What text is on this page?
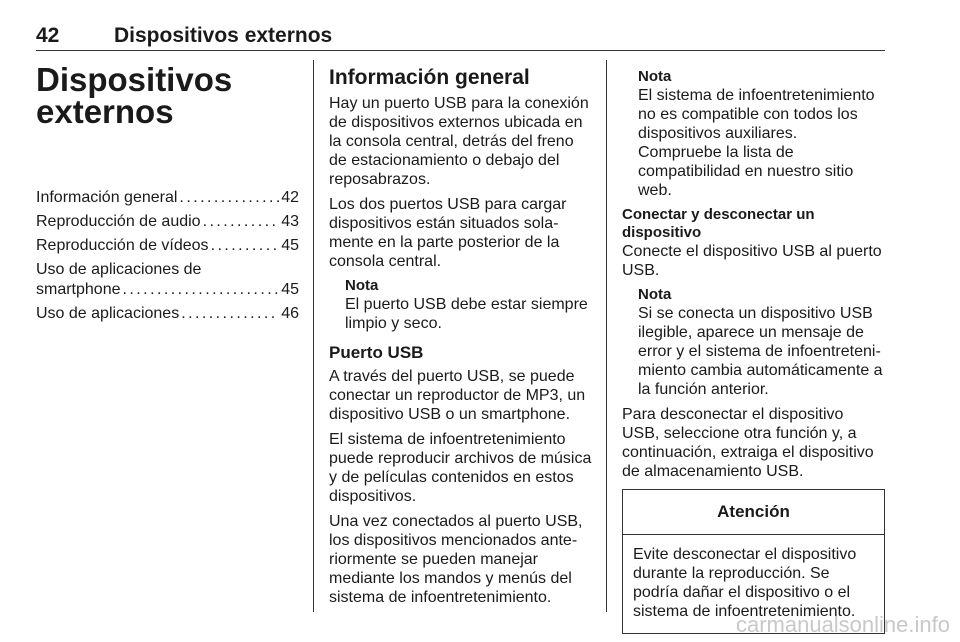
42	Dispositivos externos
Dispositivos externos
Información general . . .	42
Reproducción de audio . . .	43
Reproducción de vídeos . . .	45
Uso de aplicaciones de
smartphone . . .	45
Uso de aplicaciones . . .	46
Información general

Hay un puerto USB para la conexión de dispositivos externos ubicada en la consola central, detrás del freno de estacionamiento o debajo del reposabrazos.

Los dos puertos USB para cargar dispositivos están situados solamente en la parte posterior de la consola central.

Nota

El puerto USB debe estar siempre limpio y seco.

Puerto USB

A través del puerto USB, se puede conectar un reproductor de MP3, un dispositivo USB o un smartphone.

El sistema de infoentretenimiento puede reproducir archivos de música y de películas contenidos en estos dispositivos.

Una vez conectados al puerto USB, los dispositivos mencionados anteriormente se pueden manejar mediante los mandos y menús del sistema de infoentretenimiento.

Nota

El sistema de infoentretenimiento no es compatible con todos los dispositivos auxiliares. Compruebe la lista de compatibilidad en nuestro sitio web.

Conectar y desconectar un dispositivo

Conecte el dispositivo USB al puerto USB.

Nota

Si se conecta un dispositivo USB ilegible, aparece un mensaje de error y el sistema de infoentretenimiento cambia automáticamente a la función anterior.

Para desconectar el dispositivo USB, seleccione otra función y, a continuación, extraiga el dispositivo de almacenamiento USB.

Atención
Evite desconectar el dispositivo durante la reproducción. Se podría dañar el dispositivo o el sistema de infoentretenimiento.
carmanualsonline.info
